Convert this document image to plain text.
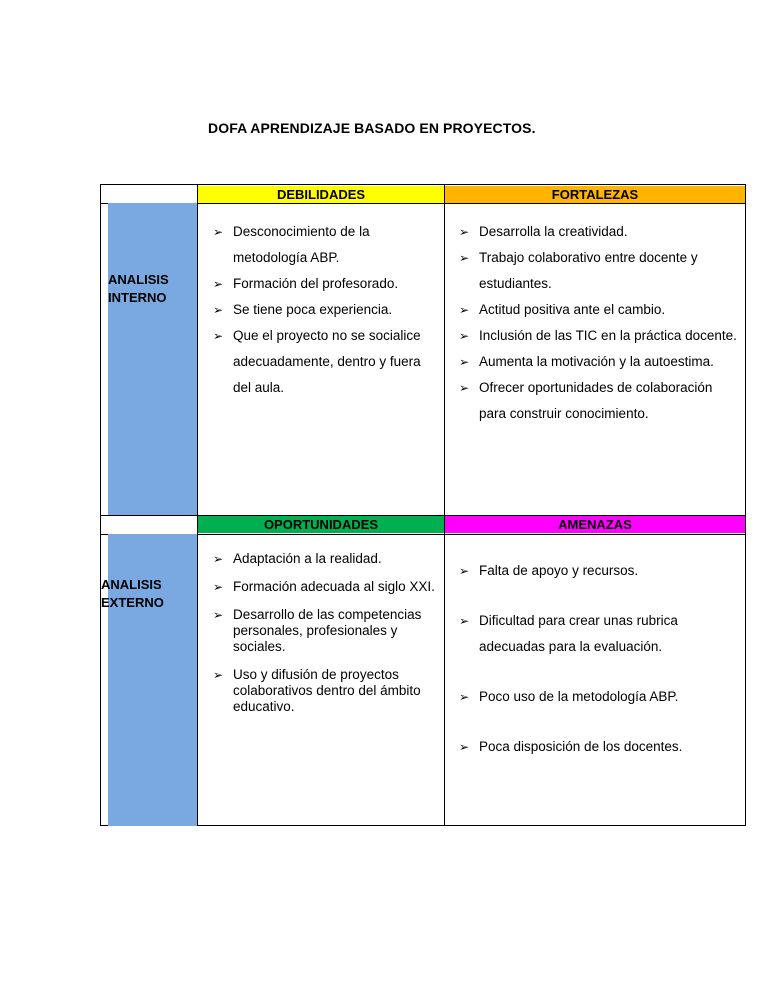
DOFA APRENDIZAJE BASADO EN PROYECTOS.
ANALISIS
INTERNO
ANALISIS
EXTERNO
DEBILIDADES	FORTALEZAS
➢ Desconocimiento de la metodología ABP.
➢ Formación del profesorado.
➢ Se tiene poca experiencia.
➢ Que el proyecto no se socialice adecuadamente, dentro y fuera del aula.
➢ Desarrolla la creatividad.
➢ Trabajo colaborativo entre docente y estudiantes.
➢ Actitud positiva ante el cambio.
➢ Inclusión de las TIC en la práctica docente.
➢ Aumenta la motivación y la autoestima.
➢ Ofrecer oportunidades de colaboración para construir conocimiento.
OPORTUNIDADES	AMENAZAS
➢ Adaptación a la realidad.
➢ Formación adecuada al siglo XXI.
➢ Desarrollo de las competencias personales, profesionales y sociales.
➢ Uso y difusión de proyectos colaborativos dentro del ámbito educativo.
➢ Falta de apoyo y recursos.
➢ Dificultad para crear unas rubrica adecuadas para la evaluación.
➢ Poco uso de la metodología ABP.
➢ Poca disposición de los docentes.
